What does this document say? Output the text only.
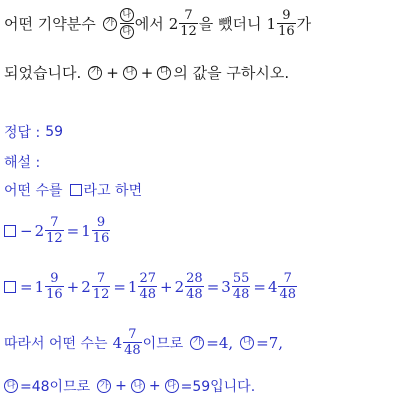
어떤 기약분수 가 $\frac{\text{나}}{\text{다}}$ 에서 $2 \frac{7}{12}$ 을 뺐더니 $1 \frac{9}{16}$ 가
되었습니다. 가 + 나 + 다 의 값을 구하시오.
정답 : 59
해설 :
어떤 수를 라고 하면
− $2 \frac{7}{12} = 1 \frac{9}{16}$
= $1 \frac{9}{16} + 2 \frac{7}{12} = 1 \frac{27}{48} + 2 \frac{28}{48} = 3 \frac{55}{48} = 4 \frac{7}{48}$
따라서 어떤 수는 $4 \frac{7}{48}$ 이므로 가 =4, 나 =7,
다 =48이므로 가 + 나 + 다 =59입니다.
